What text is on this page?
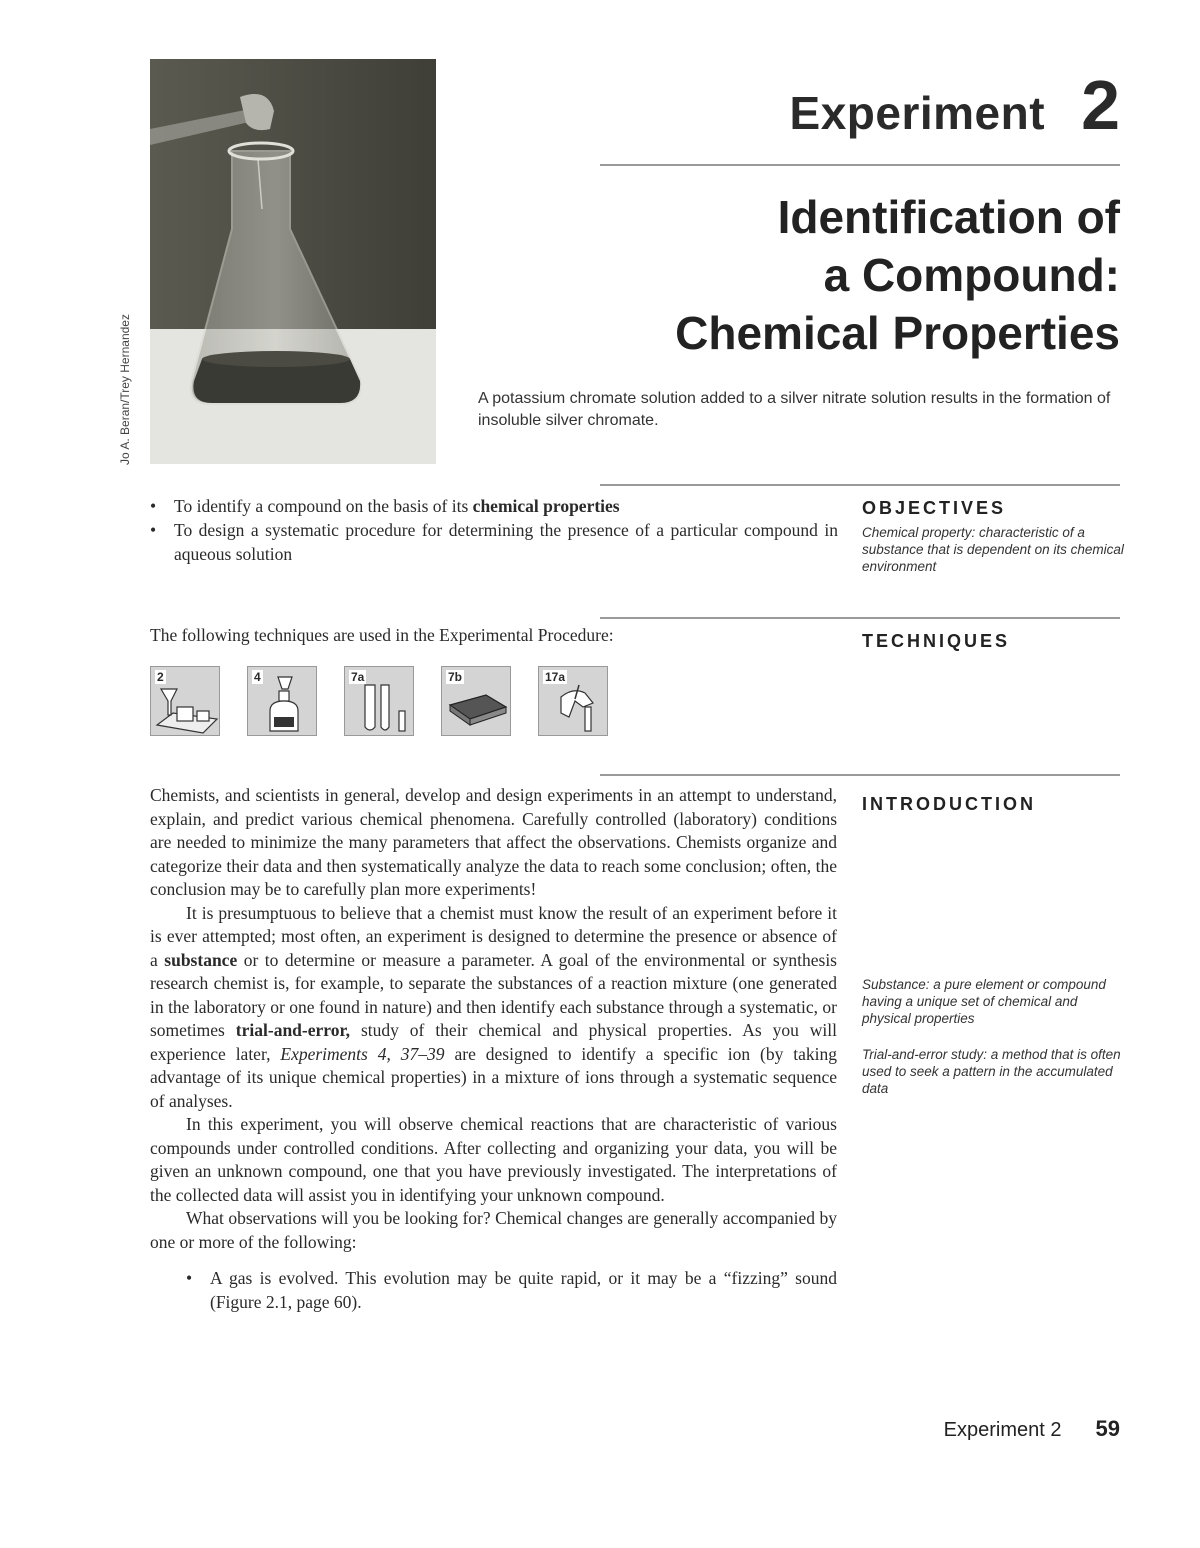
Jo A. Beran/Trey Hernandez
Experiment 2
Identification of
a Compound:
Chemical Properties
A potassium chromate solution added to a silver nitrate solution results in the formation of insoluble silver chromate.
OBJECTIVES
• To identify a compound on the basis of its chemical properties
• To design a systematic procedure for determining the presence of a particular compound in aqueous solution
Chemical property: characteristic of a substance that is dependent on its chemical environment
TECHNIQUES
The following techniques are used in the Experimental Procedure:
2	4	7a	7b	17a
INTRODUCTION

Chemists, and scientists in general, develop and design experiments in an attempt to understand, explain, and predict various chemical phenomena. Carefully controlled (laboratory) conditions are needed to minimize the many parameters that affect the observations. Chemists organize and categorize their data and then systematically analyze the data to reach some conclusion; often, the conclusion may be to carefully plan more experiments!

It is presumptuous to believe that a chemist must know the result of an experiment before it is ever attempted; most often, an experiment is designed to determine the presence or absence of a substance or to determine or measure a parameter. A goal of the environmental or synthesis research chemist is, for example, to separate the substances of a reaction mixture (one generated in the laboratory or one found in nature) and then identify each substance through a systematic, or sometimes trial-and-error, study of their chemical and physical properties. As you will experience later, Experiments 4, 37–39 are designed to identify a specific ion (by taking advantage of its unique chemical properties) in a mixture of ions through a systematic sequence of analyses.

In this experiment, you will observe chemical reactions that are characteristic of various compounds under controlled conditions. After collecting and organizing your data, you will be given an unknown compound, one that you have previously investigated. The interpretations of the collected data will assist you in identifying your unknown compound.

What observations will you be looking for? Chemical changes are generally accompanied by one or more of the following:

• A gas is evolved. This evolution may be quite rapid, or it may be a “fizzing” sound (Figure 2.1, page 60).
Substance: a pure element or compound having a unique set of chemical and physical properties
Trial-and-error study: a method that is often used to seek a pattern in the accumulated data
Experiment 2 59
